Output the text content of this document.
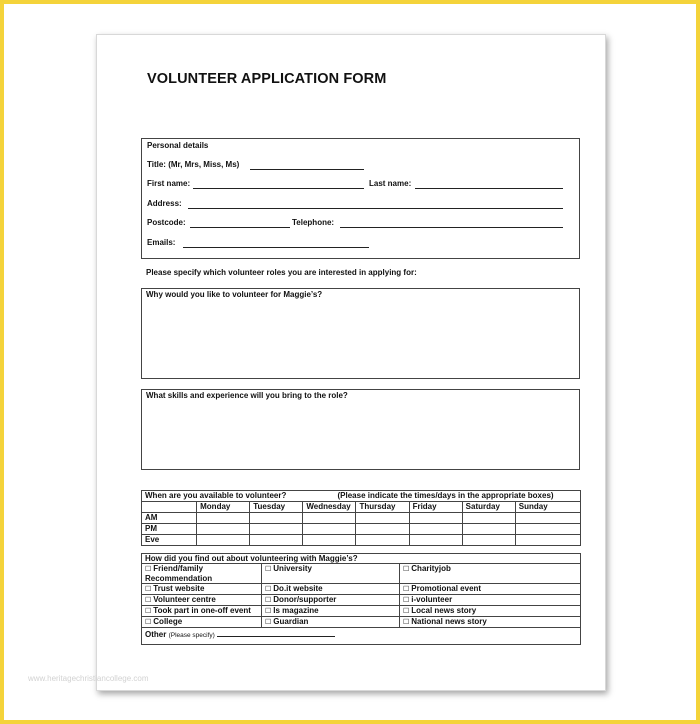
VOLUNTEER APPLICATION FORM
Personal details
Title: (Mr, Mrs, Miss, Ms)
First name:	Last name:
Address:
Postcode:	Telephone:
Emails:
Please specify which volunteer roles you are interested in applying for:
Why would you like to volunteer for Maggie’s?
What skills and experience will you bring to the role?
When are you available to volunteer? (Please indicate the times/days in the appropriate boxes)							

	Monday	Tuesday	Wednesday	Thursday	Friday	Saturday	Sunday
AM							
PM							
Eve							
How did you find out about volunteering with Maggie’s?		
☐ Friend/family Recommendation	☐ University	☐ Charityjob
☐ Trust website	☐ Do.it website	☐ Promotional event
☐ Volunteer centre	☐ Donor/supporter	☐ i-volunteer
☐ Took part in one-off event	☐ Is magazine	☐ Local news story
☐ College	☐ Guardian	☐ National news story
Other (Please specify)		
www.heritagechristiancollege.com
